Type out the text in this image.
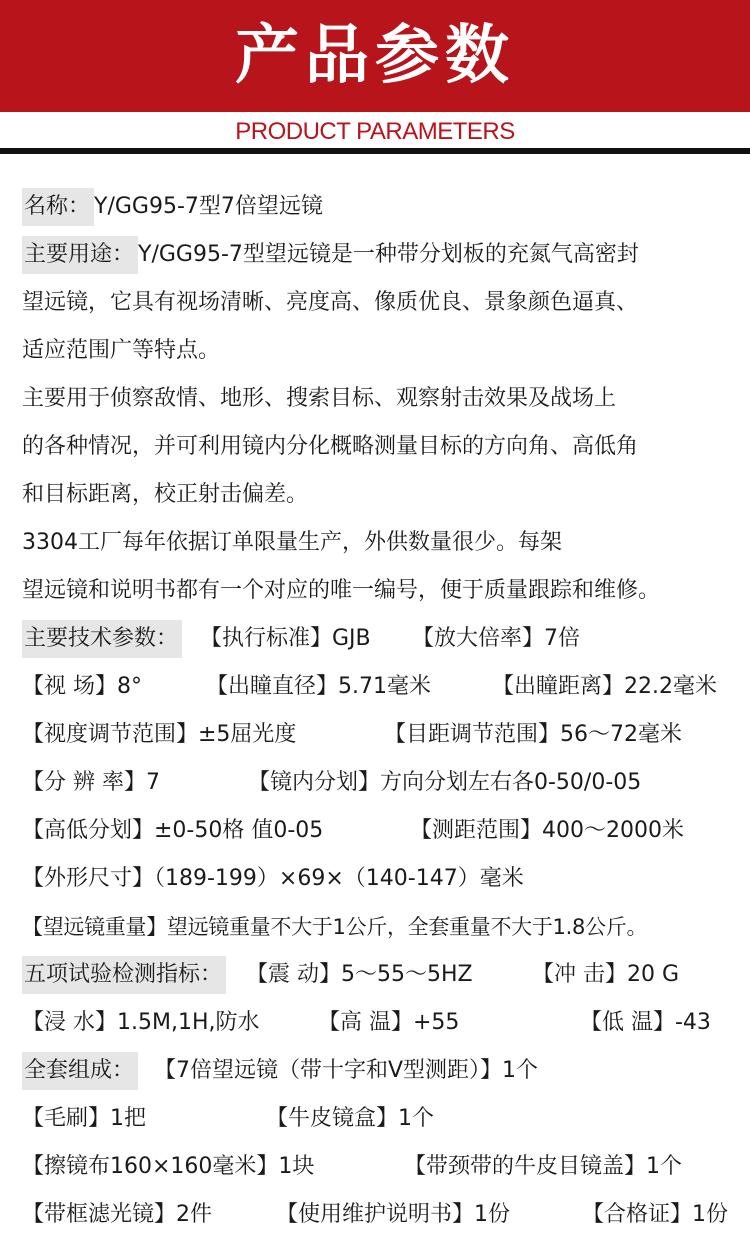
产品参数
PRODUCT PARAMETERS
名称： Y/GG95-7型7倍望远镜
主要用途： Y/GG95-7型望远镜是一种带分划板的充氮气高密封
望远镜，它具有视场清晰、亮度高、像质优良、景象颜色逼真、
适应范围广等特点。
主要用于侦察敌情、地形、搜索目标、观察射击效果及战场上
的各种情况，并可利用镜内分化概略测量目标的方向角、高低角
和目标距离，校正射击偏差。
3304工厂每年依据订单限量生产，外供数量很少。每架
望远镜和说明书都有一个对应的唯一编号，便于质量跟踪和维修。
主要技术参数： 【执行标准】GJB 【放大倍率】7倍
【视 场】8°	【出瞳直径】5.71毫米	【出瞳距离】22.2毫米
【视度调节范围】±5屈光度	【目距调节范围】56～72毫米
【分 辨 率】7	【镜内分划】方向分划左右各0-50/0-05
【高低分划】±0-50格 值0-05	【测距范围】400～2000米
【外形尺寸】（189-199）×69×（140-147）毫米
【望远镜重量】望远镜重量不大于1公斤，全套重量不大于1.8公斤。
五项试验检测指标： 【震 动】5～55～5HZ	【冲 击】20 G
【浸 水】1.5M,1H,防水	【高 温】+55	【低 温】-43
全套组成： 【7倍望远镜（带十字和V型测距）】1个
【毛刷】1把	【牛皮镜盒】1个
【擦镜布160×160毫米】1块	【带颈带的牛皮目镜盖】1个
【带框滤光镜】2件	【使用维护说明书】1份	【合格证】1份
